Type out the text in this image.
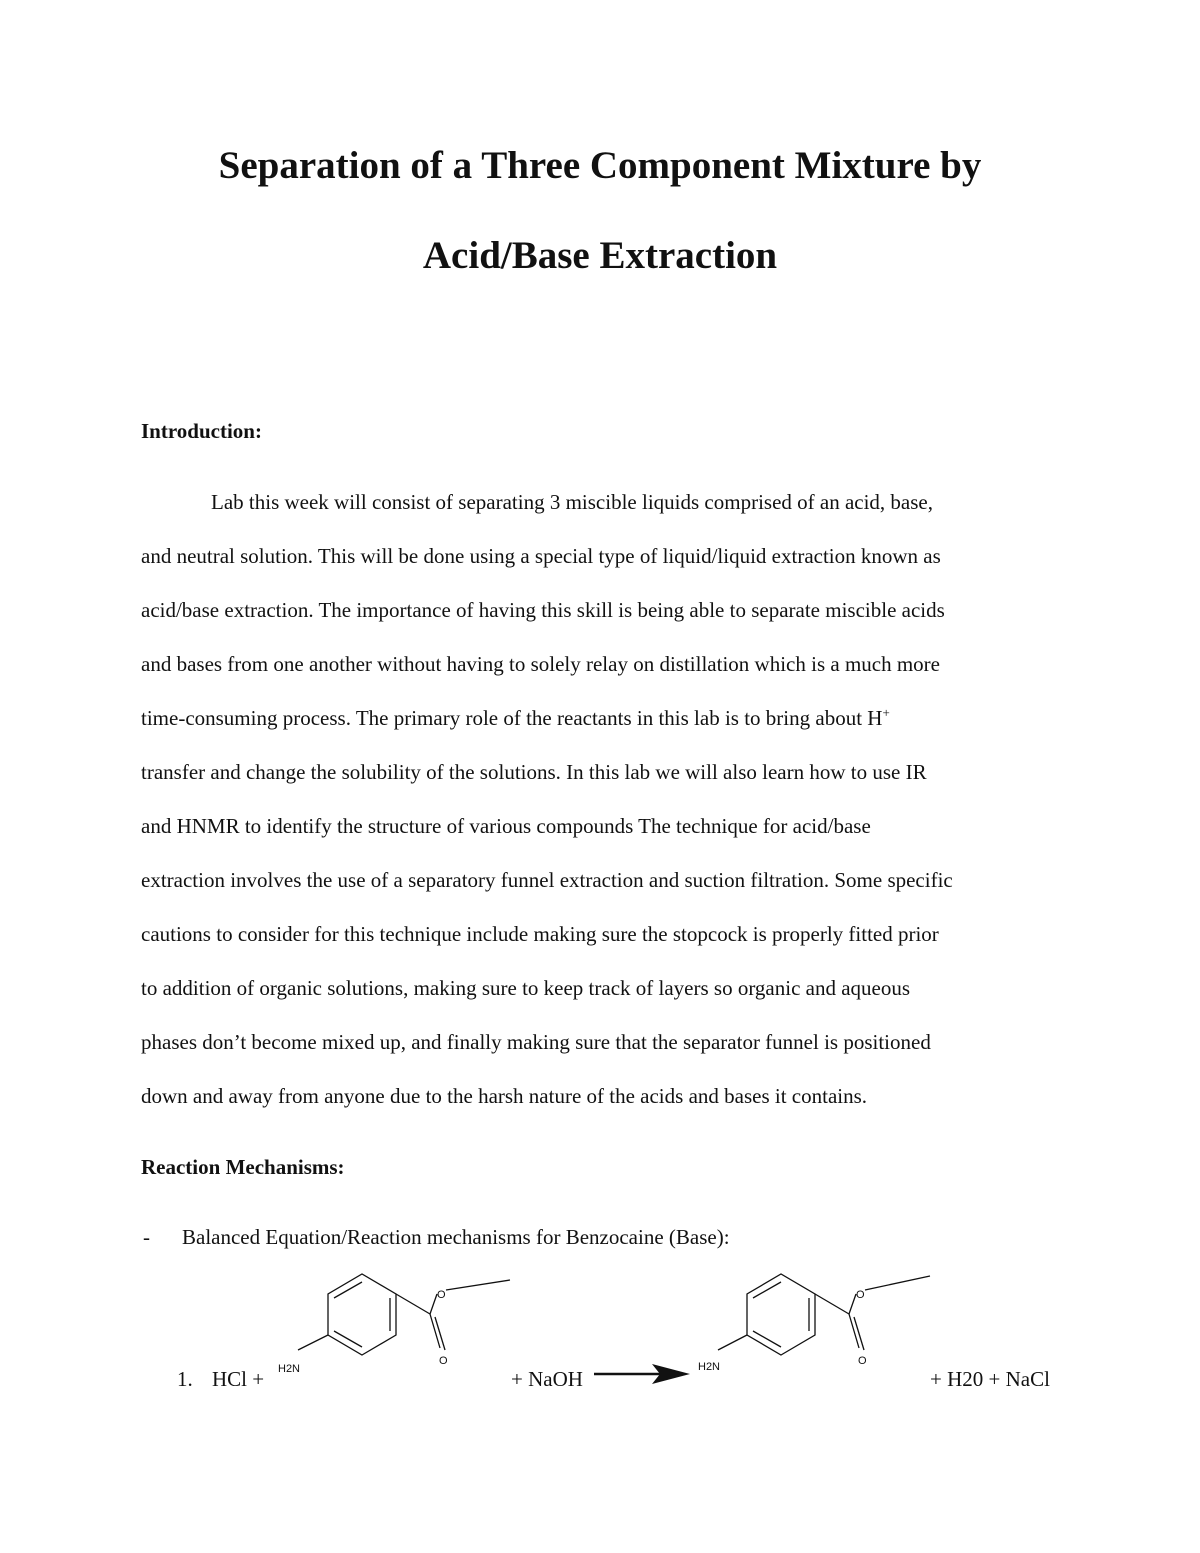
Separation of a Three Component Mixture by
Acid/Base Extraction
Introduction:

Lab this week will consist of separating 3 miscible liquids comprised of an acid, base,

and neutral solution. This will be done using a special type of liquid/liquid extraction known as

acid/base extraction. The importance of having this skill is being able to separate miscible acids

and bases from one another without having to solely relay on distillation which is a much more

time-consuming process. The primary role of the reactants in this lab is to bring about H+

transfer and change the solubility of the solutions. In this lab we will also learn how to use IR

and HNMR to identify the structure of various compounds The technique for acid/base

extraction involves the use of a separatory funnel extraction and suction filtration. Some specific

cautions to consider for this technique include making sure the stopcock is properly fitted prior

to addition of organic solutions, making sure to keep track of layers so organic and aqueous

phases don’t become mixed up, and finally making sure that the separator funnel is positioned

down and away from anyone due to the harsh nature of the acids and bases it contains.

Reaction Mechanisms:
- Balanced Equation/Reaction mechanisms for Benzocaine (Base):
O
O
H2N
O
O
H2N
1. HCl +	+ NaOH	+ H20 + NaCl
